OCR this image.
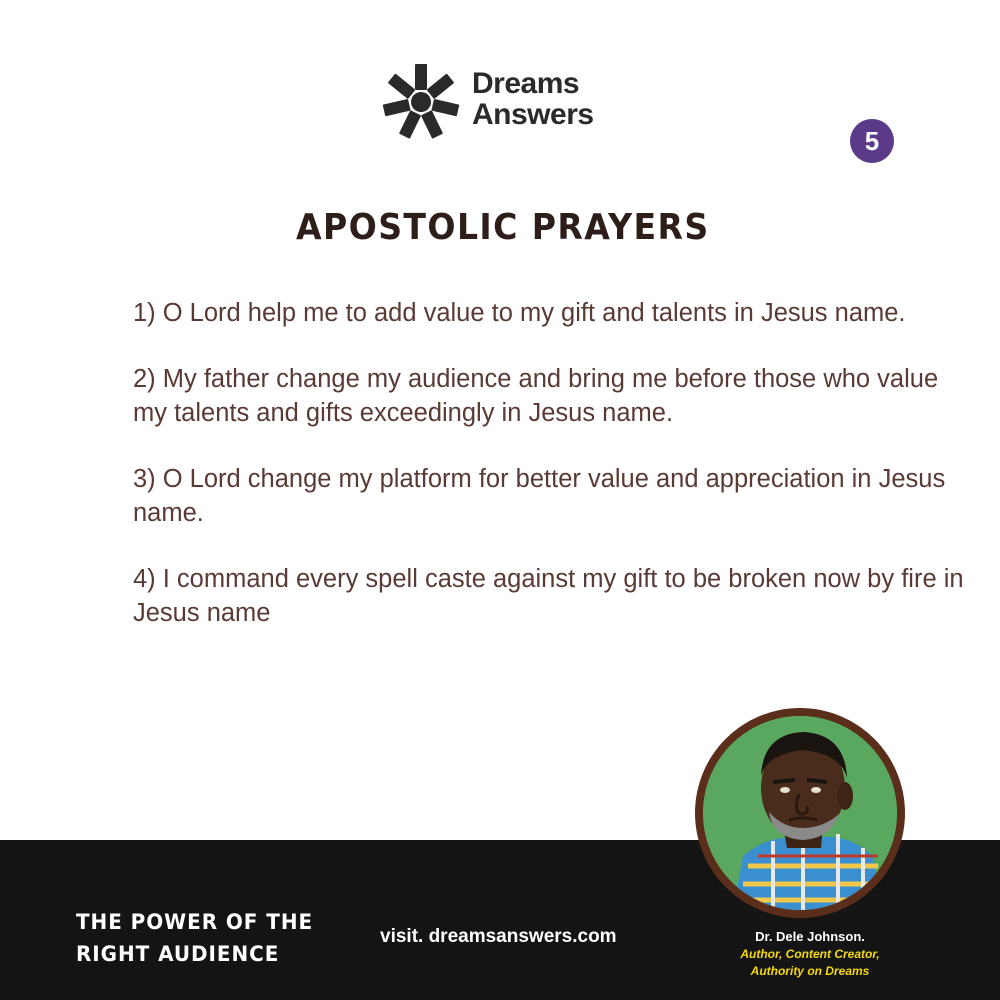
Dreams
Answers
5
APOSTOLIC PRAYERS

1) O Lord help me to add value to my gift and talents in Jesus name.

2) My father change my audience and bring me before those who value my talents and gifts exceedingly in Jesus name.

3) O Lord change my platform for better value and appreciation in Jesus name.

4) I command every spell caste against my gift to be broken now by fire in Jesus name

THE POWER OF THE
RIGHT AUDIENCE
visit. dreamsanswers.com	Dr. Dele Johnson.
Author, Content Creator,
Authority on Dreams
